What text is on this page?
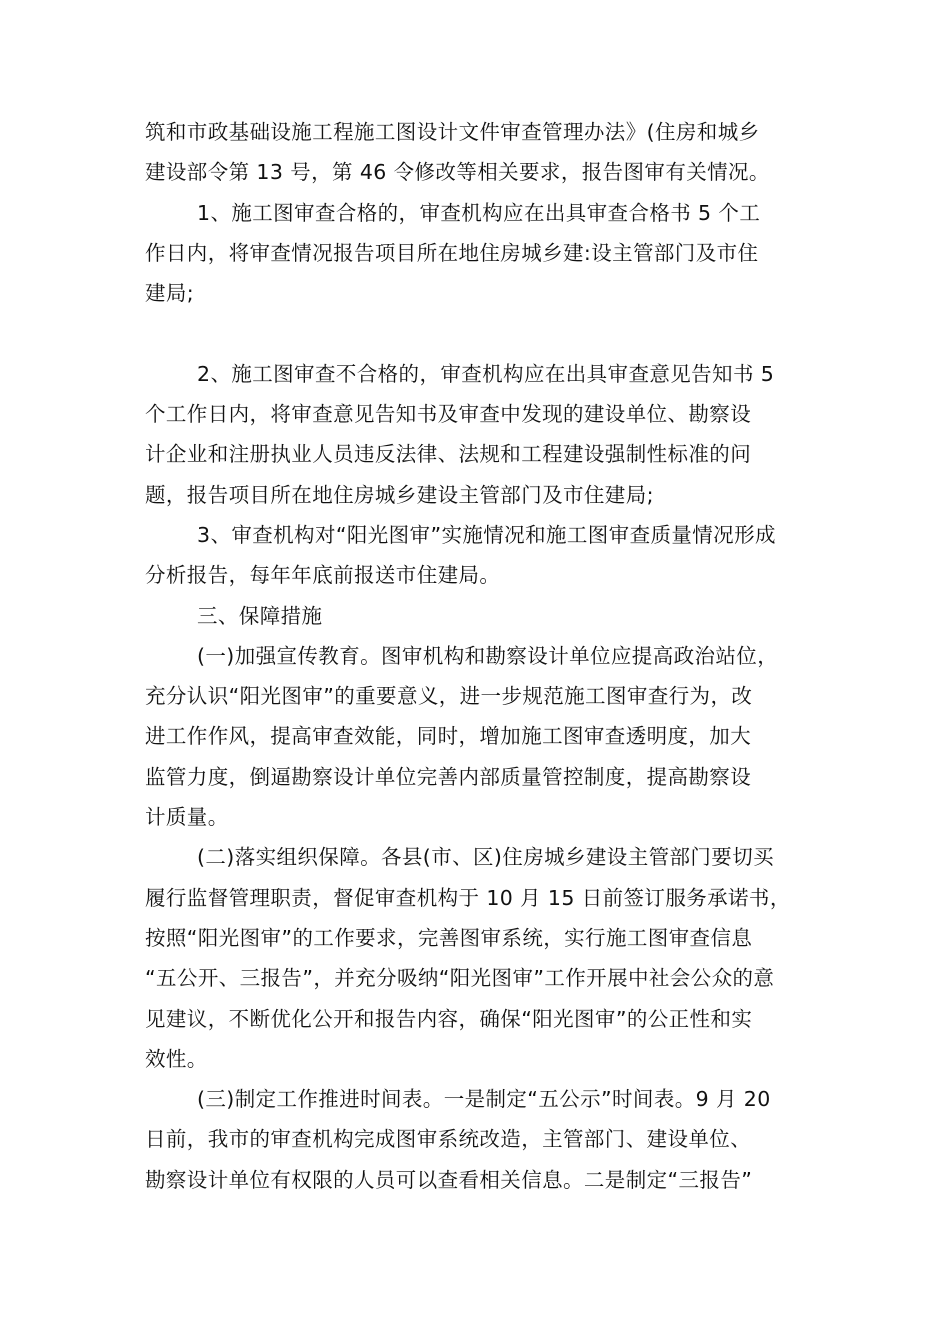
筑和市政基础设施工程施工图设计文件审查管理办法》(住房和城乡
建设部令第 13 号，第 46 令修改等相关要求，报告图审有关情况。
1、施工图审查合格的，审查机构应在出具审查合格书 5 个工
作日内，将审查情况报告项目所在地住房城乡建:设主管部门及市住
建局;
2、施工图审查不合格的，审查机构应在出具审查意见告知书 5
个工作日内，将审查意见告知书及审查中发现的建设单位、勘察设
计企业和注册执业人员违反法律、法规和工程建设强制性标准的问
题，报告项目所在地住房城乡建设主管部门及市住建局;
3、审查机构对“阳光图审”实施情况和施工图审查质量情况形成
分析报告，每年年底前报送市住建局。
三、保障措施
(一)加强宣传教育。图审机构和勘察设计单位应提高政治站位，
充分认识“阳光图审”的重要意义，进一步规范施工图审查行为，改
进工作作风，提高审查效能，同时，增加施工图审查透明度，加大
监管力度，倒逼勘察设计单位完善内部质量管控制度，提高勘察设
计质量。
(二)落实组织保障。各县(市、区)住房城乡建设主管部门要切买
履行监督管理职责，督促审查机构于 10 月 15 日前签订服务承诺书，
按照“阳光图审”的工作要求，完善图审系统，实行施工图审查信息
“五公开、三报告”，并充分吸纳“阳光图审”工作开展中社会公众的意
见建议，不断优化公开和报告内容，确保“阳光图审”的公正性和实
效性。
(三)制定工作推进时间表。一是制定“五公示”时间表。9 月 20
日前，我市的审查机构完成图审系统改造，主管部门、建设单位、
勘察设计单位有权限的人员可以查看相关信息。二是制定“三报告”
